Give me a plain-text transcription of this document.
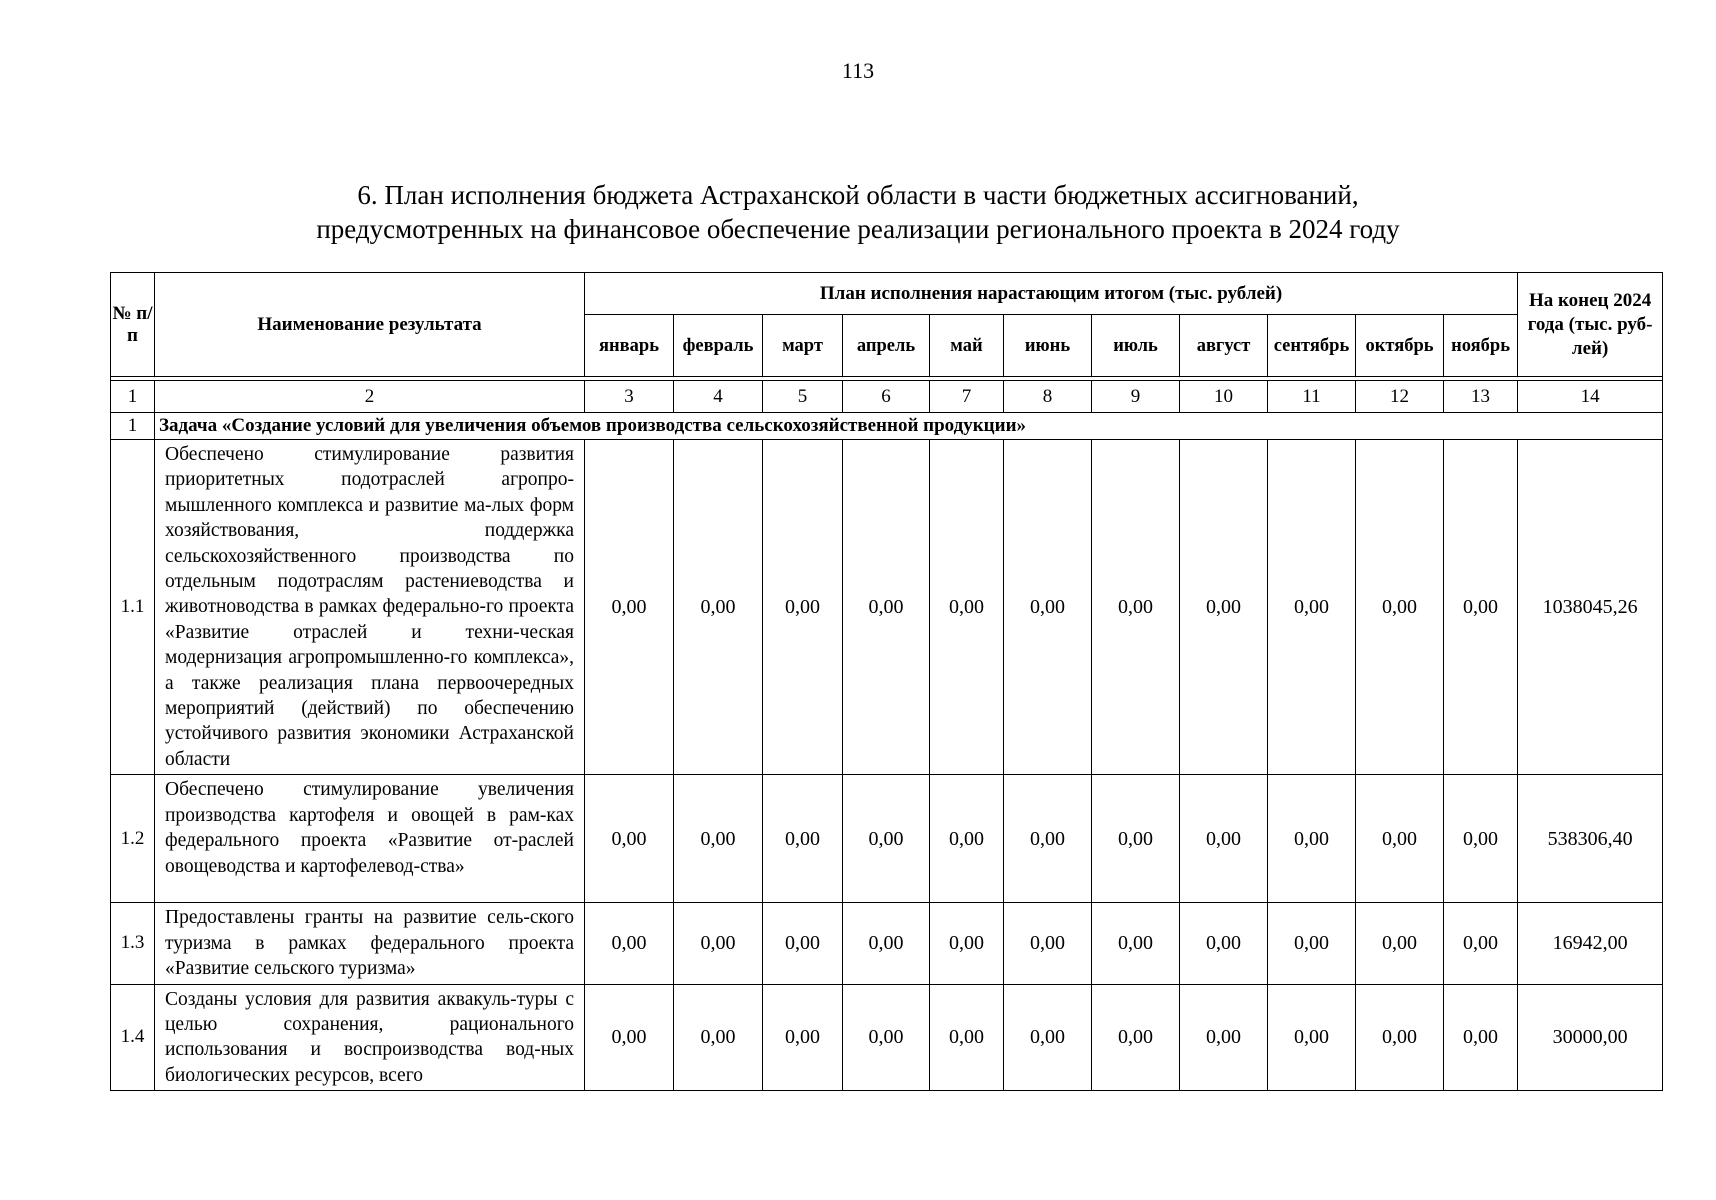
113
6. План исполнения бюджета Астраханской области в части бюджетных ассигнований,
предусмотренных на финансовое обеспечение реализации регионального проекта в 2024 году
№ п/п	Наименование результата	План исполнения нарастающим итогом (тыс. рублей)											На конец 2024 года (тыс. руб-лей)
		январь	февраль	март	апрель	май	июнь	июль	август	сентябрь	октябрь	ноябрь	

1	2	3	4	5	6	7	8	9	10	11	12	13	14
1	Задача «Создание условий для увеличения объемов производства сельскохозяйственной продукции»												
1.1	Обеспечено стимулирование развития приоритетных подотраслей агропро-мышленного комплекса и развитие ма-лых форм хозяйствования, поддержка сельскохозяйственного производства по отдельным подотраслям растениеводства и животноводства в рамках федерально-го проекта «Развитие отраслей и техни-ческая модернизация агропромышленно-го комплекса», а также реализация плана первоочередных мероприятий (действий) по обеспечению устойчивого развития экономики Астраханской области	0,00	0,00	0,00	0,00	0,00	0,00	0,00	0,00	0,00	0,00	0,00	1038045,26
1.2	Обеспечено стимулирование увеличения производства картофеля и овощей в рам-ках федерального проекта «Развитие от-раслей овощеводства и картофелевод-ства»	0,00	0,00	0,00	0,00	0,00	0,00	0,00	0,00	0,00	0,00	0,00	538306,40
1.3	Предоставлены гранты на развитие сель-ского туризма в рамках федерального проекта «Развитие сельского туризма»	0,00	0,00	0,00	0,00	0,00	0,00	0,00	0,00	0,00	0,00	0,00	16942,00
1.4	Созданы условия для развития аквакуль-туры с целью сохранения, рационального использования и воспроизводства вод-ных биологических ресурсов, всего	0,00	0,00	0,00	0,00	0,00	0,00	0,00	0,00	0,00	0,00	0,00	30000,00
